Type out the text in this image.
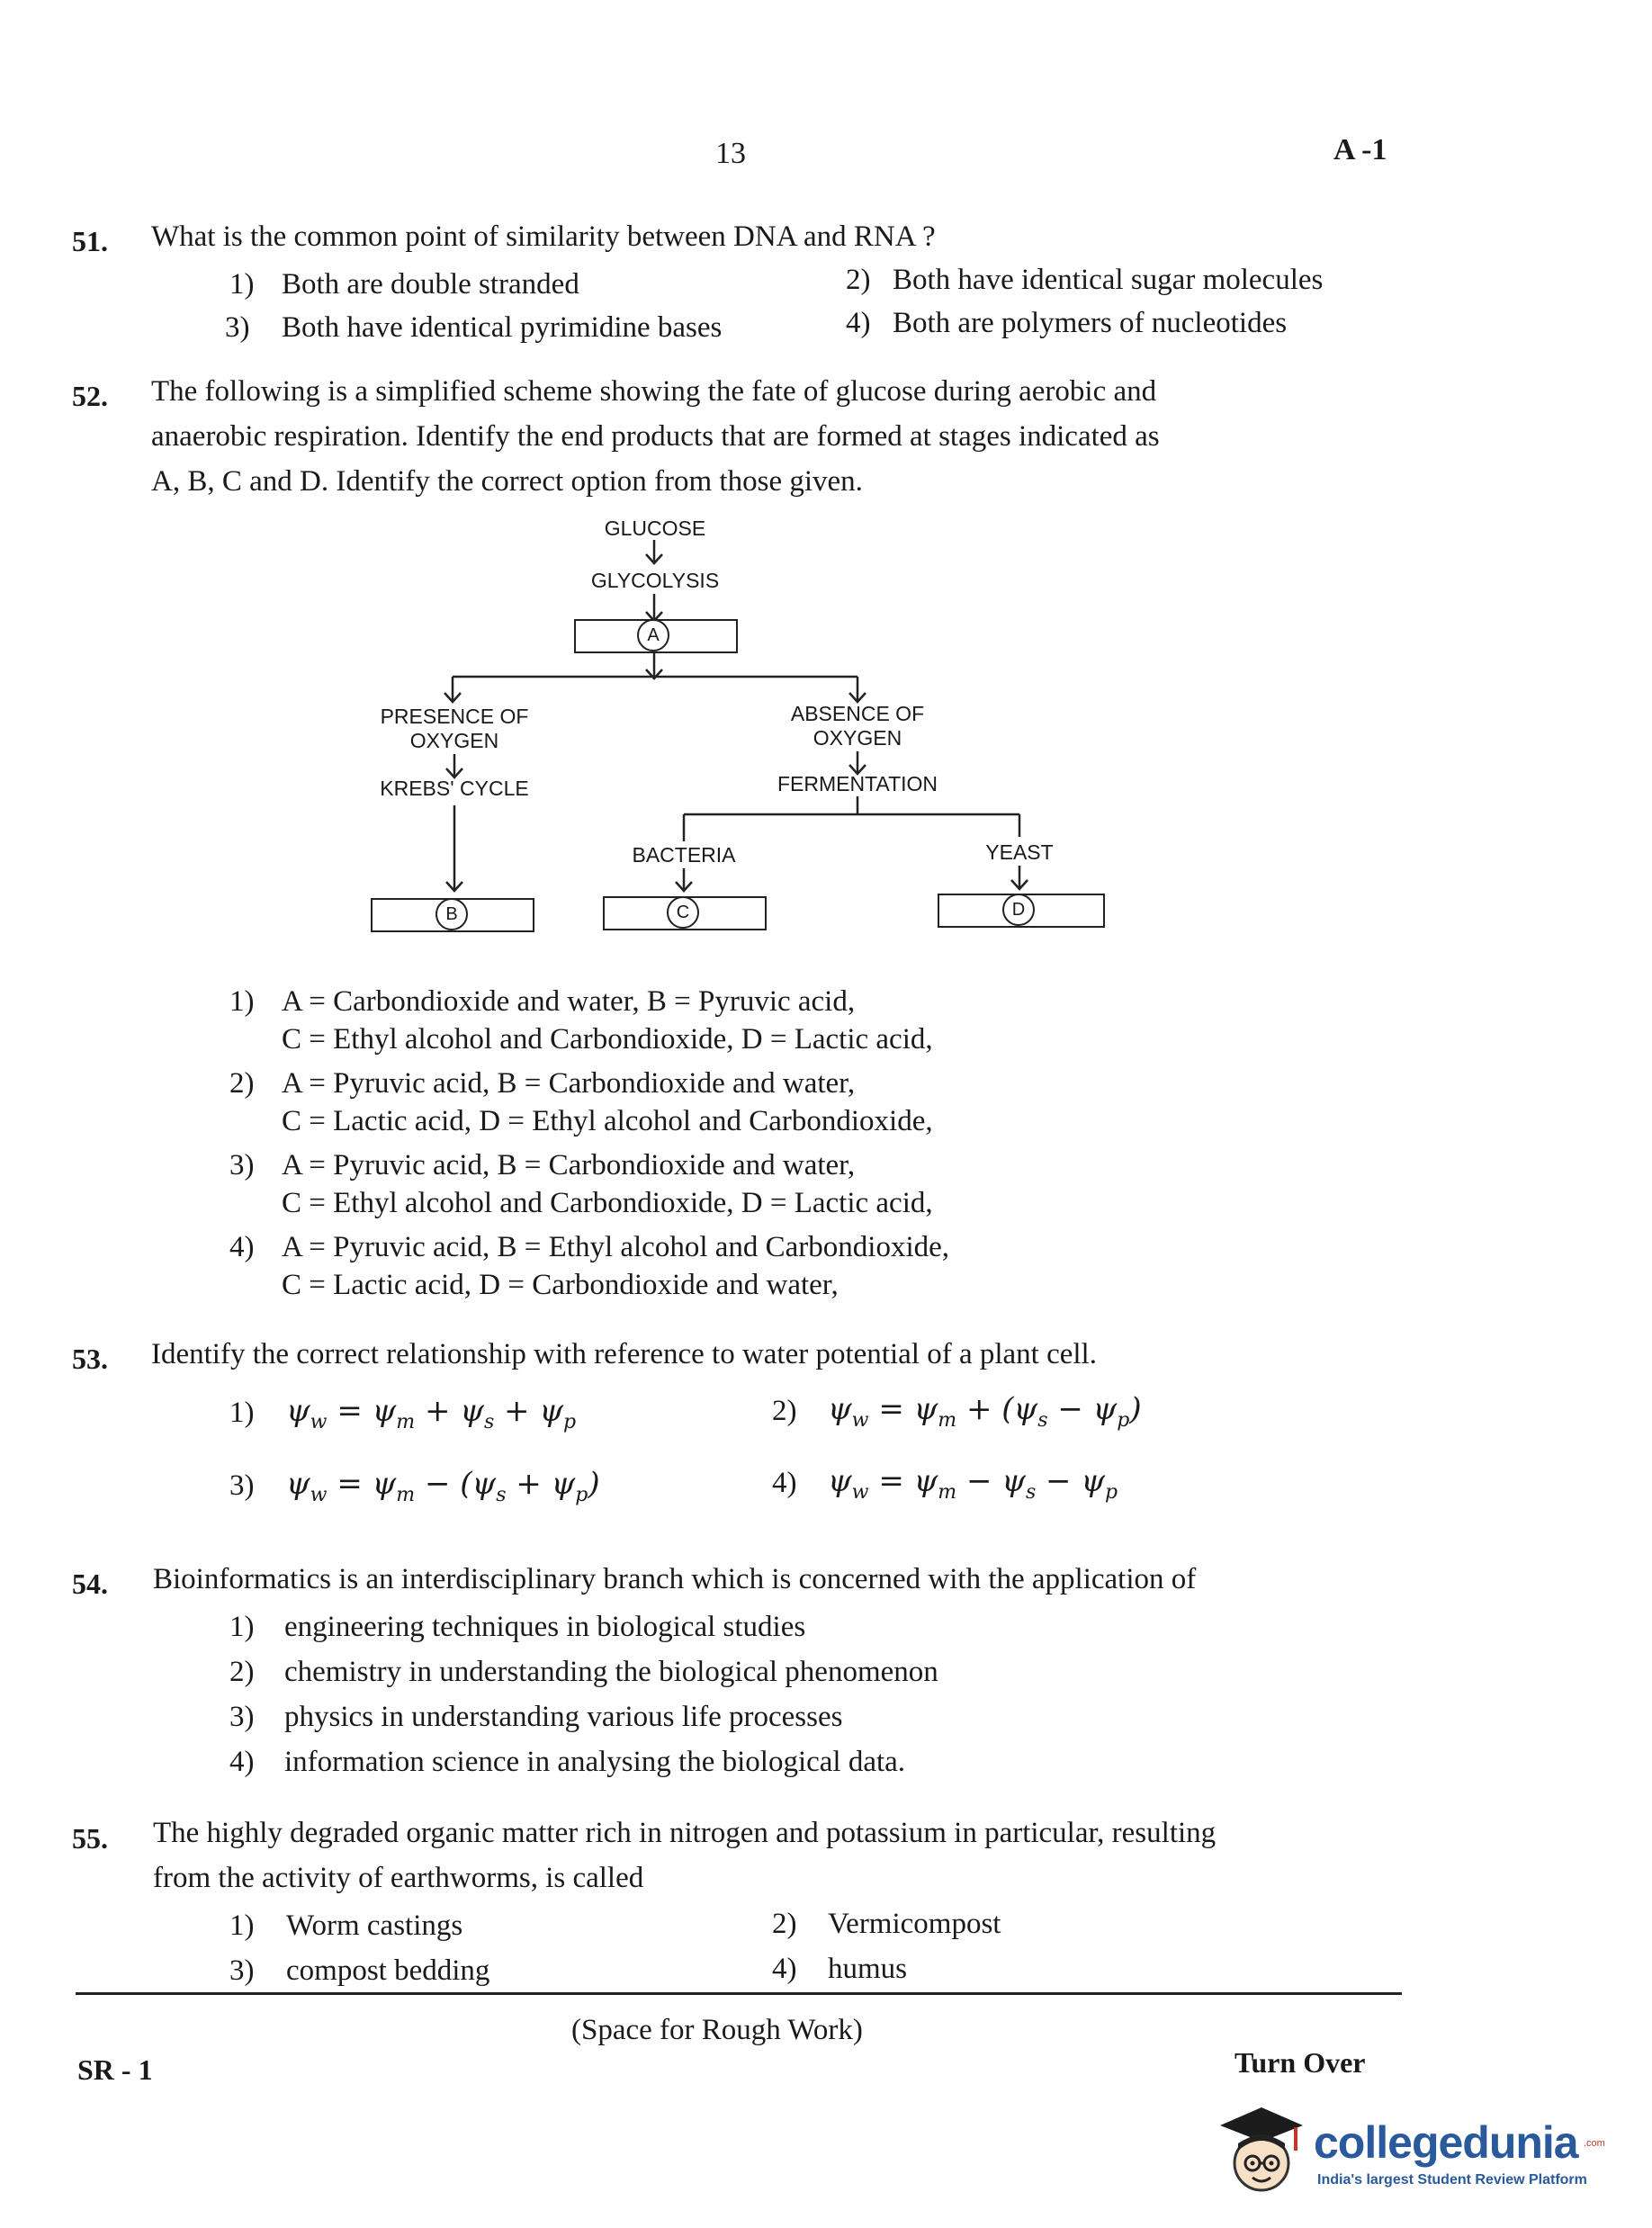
13	A -1
51. What is the common point of similarity between DNA and RNA ?
1) Both are double stranded	2) Both have identical sugar molecules
3) Both have identical pyrimidine bases	4) Both are polymers of nucleotides
52. The following is a simplified scheme showing the fate of glucose during aerobic and
anaerobic respiration. Identify the end products that are formed at stages indicated as
A, B, C and D. Identify the correct option from those given.
GLUCOSE
GLYCOLYSIS
A
PRESENCE OF
OXYGEN
ABSENCE OF
OXYGEN
KREBS' CYCLE	FERMENTATION
BACTERIA	YEAST
B	C	D
1) A = Carbondioxide and water, B = Pyruvic acid,
C = Ethyl alcohol and Carbondioxide, D = Lactic acid,
2) A = Pyruvic acid, B = Carbondioxide and water,
C = Lactic acid, D = Ethyl alcohol and Carbondioxide,
3) A = Pyruvic acid, B = Carbondioxide and water,
C = Ethyl alcohol and Carbondioxide, D = Lactic acid,
4) A = Pyruvic acid, B = Ethyl alcohol and Carbondioxide,
C = Lactic acid, D = Carbondioxide and water,
53. Identify the correct relationship with reference to water potential of a plant cell.
1) $\psi_w = \psi_m + \psi_s + \psi_p$	2) $\psi_w = \psi_m + (\psi_s - \psi_p)$
3) $\psi_w = \psi_m - (\psi_s + \psi_p)$	4) $\psi_w = \psi_m - \psi_s - \psi_p$
54. Bioinformatics is an interdisciplinary branch which is concerned with the application of
1) engineering techniques in biological studies
2) chemistry in understanding the biological phenomenon
3) physics in understanding various life processes
4) information science in analysing the biological data.
55. The highly degraded organic matter rich in nitrogen and potassium in particular, resulting
from the activity of earthworms, is called
1) Worm castings	2) Vermicompost
3) compost bedding	4) humus
(Space for Rough Work)
SR - 1	Turn Over
collegedunia .com
India's largest Student Review Platform
